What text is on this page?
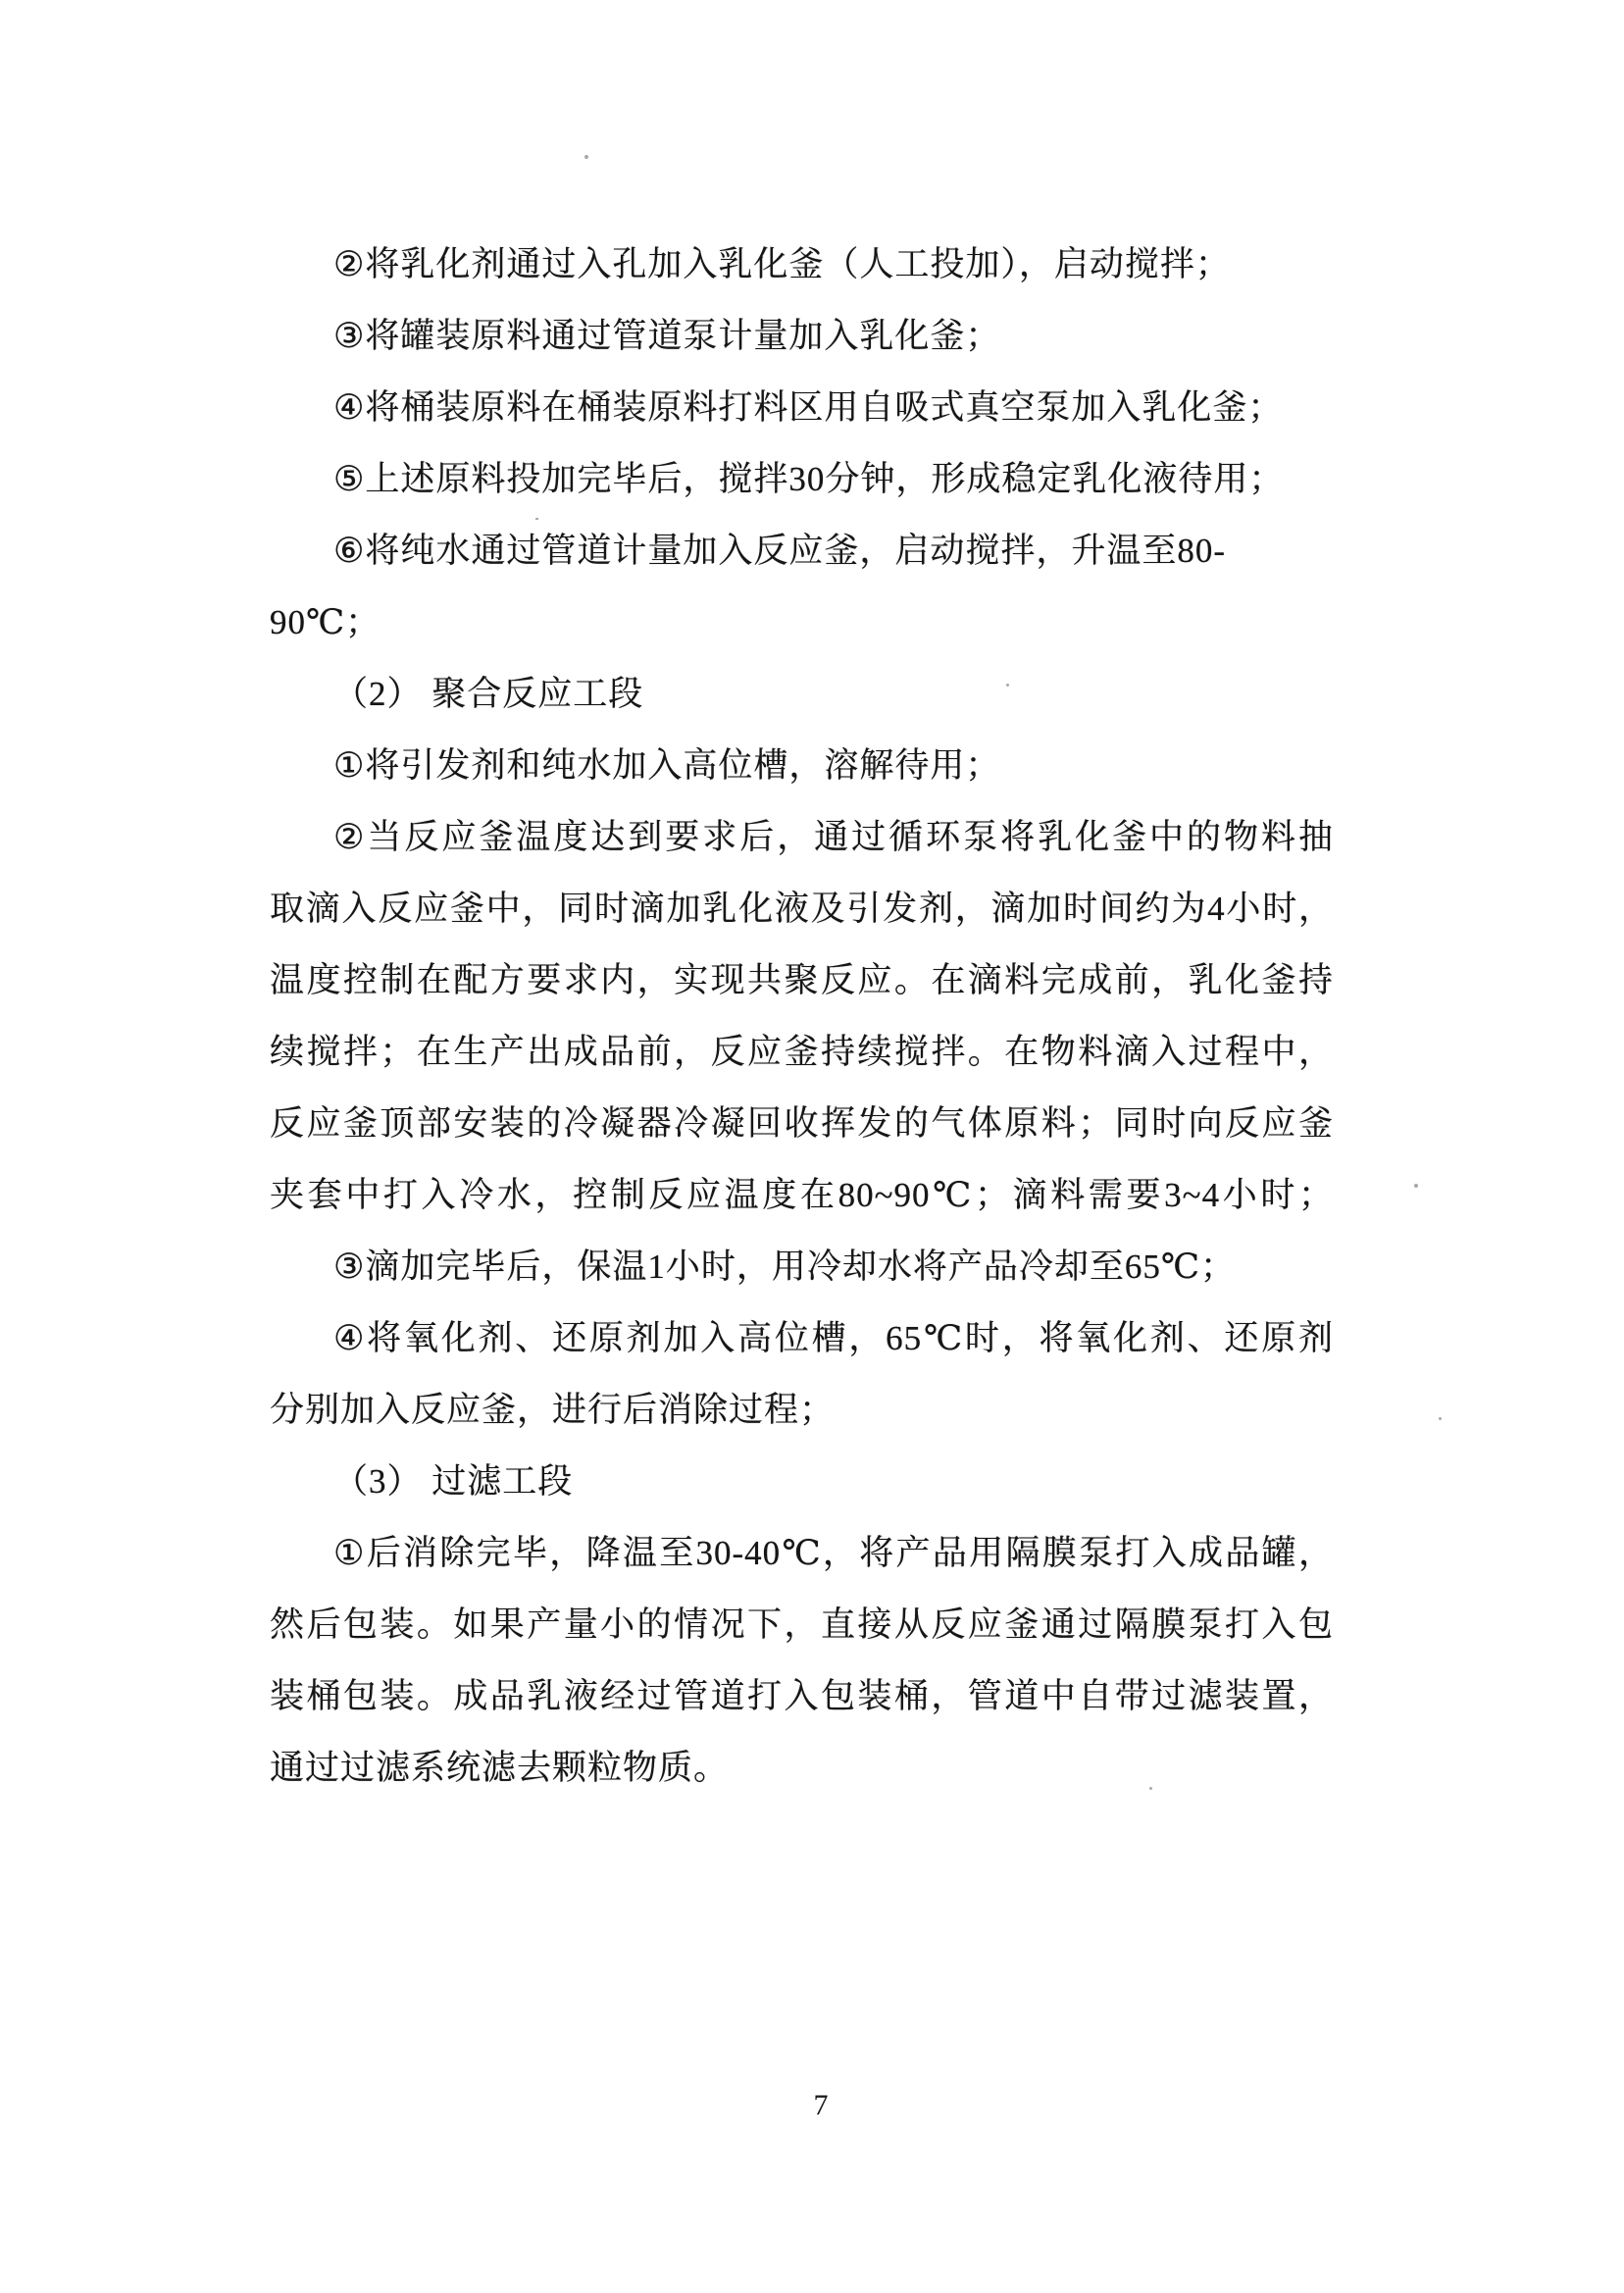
②将乳化剂通过入孔加入乳化釜（人工投加），启动搅拌；
③将罐装原料通过管道泵计量加入乳化釜；
④将桶装原料在桶装原料打料区用自吸式真空泵加入乳化釜；
⑤上述原料投加完毕后，搅拌30分钟，形成稳定乳化液待用；
⑥将纯水通过管道计量加入反应釜，启动搅拌，升温至80-
90℃；
（2） 聚合反应工段
①将引发剂和纯水加入高位槽，溶解待用；
②当反应釜温度达到要求后，通过循环泵将乳化釜中的物料抽
取滴入反应釜中，同时滴加乳化液及引发剂，滴加时间约为4小时，
温度控制在配方要求内，实现共聚反应。在滴料完成前，乳化釜持
续搅拌；在生产出成品前，反应釜持续搅拌。在物料滴入过程中，
反应釜顶部安装的冷凝器冷凝回收挥发的气体原料；同时向反应釜
夹套中打入冷水，控制反应温度在80~90℃；滴料需要3~4小时；
③滴加完毕后，保温1小时，用冷却水将产品冷却至65℃；
④将氧化剂、还原剂加入高位槽，65℃时，将氧化剂、还原剂
分别加入反应釜，进行后消除过程；
（3） 过滤工段
①后消除完毕，降温至30-40℃，将产品用隔膜泵打入成品罐，
然后包装。如果产量小的情况下，直接从反应釜通过隔膜泵打入包
装桶包装。成品乳液经过管道打入包装桶，管道中自带过滤装置，
通过过滤系统滤去颗粒物质。
7
